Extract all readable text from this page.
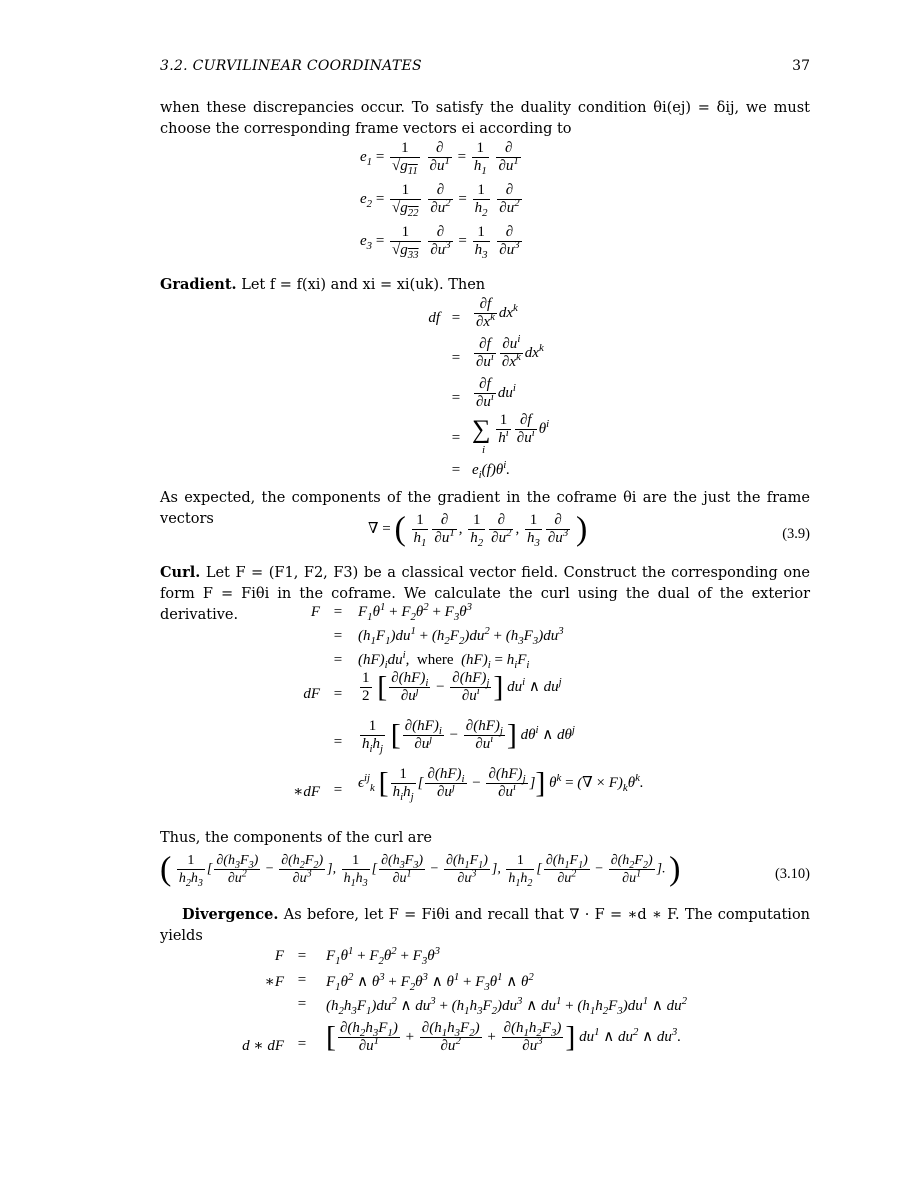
3.2. CURVILINEAR COORDINATES	37
when these discrepancies occur. To satisfy the duality condition θi(ej) = δij, we must choose the corresponding frame vectors ei according to
$e_1 = \frac{1}{√g_{11}}$
$\frac{\partial}{\partial u^1} = \frac{1}{h_1}$
$\frac{\partial}{\partial u^1}$
$e_2 = \frac{1}{√g_{22}}$
$\frac{\partial}{\partial u^2} = \frac{1}{h_2}$
$\frac{\partial}{\partial u^2}$
$e_3 = \frac{1}{√g_{33}}$
$\frac{\partial}{\partial u^3} = \frac{1}{h_3}$
$\frac{\partial}{\partial u^3}$
Gradient. Let f = f(xi) and xi = xi(uk). Then
df = $\frac{\partial f}{\partial x^k} dx^k$
= $\frac{\partial f}{\partial u^i} \frac{\partial u^i}{\partial x^k} dx^k$
= $\frac{\partial f}{\partial u^i} du^i$
= ∑ $\frac{1}{h^i} \frac{\partial f}{\partial u^i} \theta^i$
i
= $e_i(f)\theta^i$.
As expected, the components of the gradient in the coframe θi are the just the frame vectors
∇ = ( $\frac{1}{h_1} \frac{\partial}{\partial u^1}$ , $\frac{1}{h_2} \frac{\partial}{\partial u^2}$ , $\frac{1}{h_3} \frac{\partial}{\partial u^3}$ )	(3.9)
Curl. Let F = (F1, F2, F3) be a classical vector field. Construct the corresponding one form F = Fiθi in the coframe. We calculate the curl using the dual of the exterior derivative.	F =	$F_1\theta^1 + F_2\theta^2 + F_3\theta^3$
=	$(h_1F_1)du^1 + (h_2F_2)du^2 + (h_3F_3)du^3$
=	$(hF)_idu^i$,  where  $(hF)_i = h_iF_i$
dF =	$\frac{1}{2}$ [ $\frac{\partial(hF)_i}{\partial u^j} - \frac{\partial(hF)_j}{\partial u^i}$ ] $du^i$ ∧ $du^j$
=	$\frac{1}{h_ih_j}$ [ $\frac{\partial(hF)_i}{\partial u^j} - \frac{\partial(hF)_j}{\partial u^i}$ ] $d\theta^i$ ∧ $d\theta^j$
∗dF =	$\epsilon^{ij}_k$ [ $\frac{1}{h_ih_j}$ [ $\frac{\partial(hF)_i}{\partial u^j} - \frac{\partial(hF)_j}{\partial u^i}$ ]] $\theta^k$ = (∇ × $F)_k\theta^k$.
Thus, the components of the curl are
( $\frac{1}{h_2h_3}$ [ $\frac{\partial(h_3F_3)}{\partial u^2} - \frac{\partial(h_2F_2)}{\partial u^3}$ ], $\frac{1}{h_1h_3}$ [ $\frac{\partial(h_3F_3)}{\partial u^1} - \frac{\partial(h_1F_1)}{\partial u^3}$ ], $\frac{1}{h_1h_2}$ [ $\frac{\partial(h_1F_1)}{\partial u^2} - \frac{\partial(h_2F_2)}{\partial u^1}$ ]. )	(3.10)
Divergence. As before, let F = Fiθi and recall that ∇ · F = ∗d ∗ F. The computation yields
F =	$F_1\theta^1 + F_2\theta^2 + F_3\theta^3$
∗F =	$F_1\theta^2$ ∧ $\theta^3 + F_2\theta^3$ ∧ $\theta^1 + F_3\theta^1$ ∧ $\theta^2$
=	$(h_2h_3F_1)du^2$ ∧ $du^3 + (h_1h_3F_2)du^3$ ∧ $du^1 + (h_1h_2F_3)du^1$ ∧ $du^2$
d ∗ dF = [ $\frac{\partial(h_2h_3F_1)}{\partial u^1} + \frac{\partial(h_1h_3F_2)}{\partial u^2} + \frac{\partial(h_1h_2F_3)}{\partial u^3}$ ] $du^1$ ∧ $du^2$ ∧ $du^3$.
